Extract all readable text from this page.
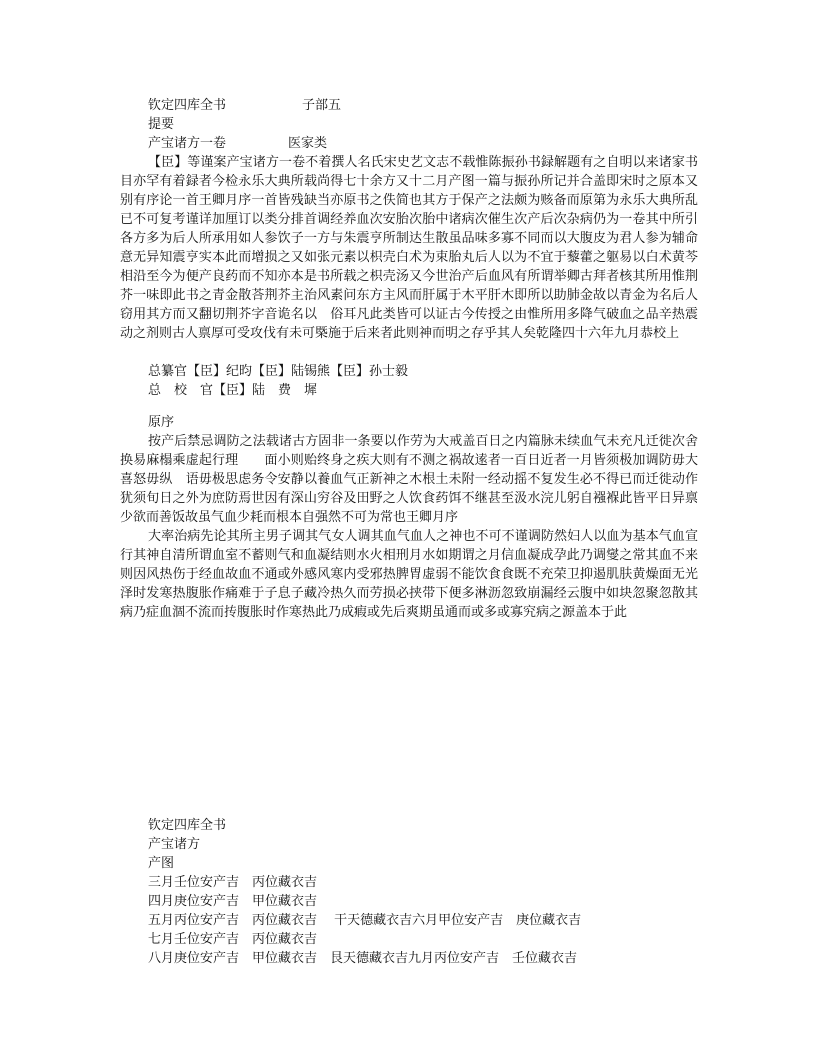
钦定四库全书	子部五
提要
产宝诸方一卷	医家类
【臣】等谨案产宝诸方一卷不着撰人名氏宋史艺文志不载惟陈振孙书録解题有之自明以来诸家书目亦罕有着録者今检永乐大典所载尚得七十余方又十二月产图一篇与振孙所记并合盖即宋时之原本又别有序论一首王卿月序一首皆残缺当亦原书之佚简也其方于保产之法颇为赅备而原第为永乐大典所乱已不可复考谨详加厘订以类分排首调经养血次安胎次胎中诸病次催生次产后次杂病仍为一卷其中所引各方多为后人所承用如人参饮子一方与朱震亨所制达生散虽品味多寡不同而以大腹皮为君人参为辅命意无异知震亨实本此而增损之又如张元素以枳壳白术为束胎丸后人以为不宜于藜藿之躯易以白术黄芩相沿至今为便产良药而不知亦本是书所载之枳壳汤又今世治产后血风有所谓举卿古拜者核其所用惟荆芥一味即此书之青金散荅荆芥主治风素问东方主风而肝属于木平肝木即所以助肺金故以青金为名后人窃用其方而又翻切荆芥字音诡名以　俗耳凡此类皆可以证古今传授之由惟所用多降气破血之品辛热震动之剂则古人禀厚可受攻伐有未可槩施于后来者此则神而明之存乎其人矣乾隆四十六年九月恭校上
总纂官【臣】纪昀【臣】陆锡熊【臣】孙士毅
总　校　官【臣】陆　费　墀
原序
按产后禁忌调防之法载诸古方固非一条要以作劳为大戒盖百日之内篇脉未续血气未充凡迁徙次舍换易麻榻乘虚起行理　　面小则贻终身之疾大则有不测之祸故逺者一百日近者一月皆须极加调防毋大喜怒毋纵　语毋极思虑务令安静以養血气正新神之木根土未附一经动摇不复发生必不得已而迁徙动作犹须旬日之外为庶防焉世因有深山穷谷及田野之人饮食药饵不继甚至汲水浣儿躬自襁褓此皆平日异禀少欲而善饭故虽气血少耗而根本自强然不可为常也王卿月序
大率治病先论其所主男子调其气女人调其血气血人之神也不可不谨调防然妇人以血为基本气血宣行其神自清所谓血室不蓄则气和血凝结则水火相刑月水如期谓之月信血凝成孕此乃调燮之常其血不来则因风热伤于经血故血不通或外感风寒内受邪热脾胃虚弱不能饮食食既不充荣卫抑遏肌肤黄燥面无光泽时发寒热腹胀作痛难于子息子藏冷热久而劳损必挟带下便多淋沥忽致崩漏经云腹中如块忽聚忽散其病乃症血涸不流而抟腹胀时作寒热此乃成瘕或先后爽期虽通而或多或寡究病之源盖本于此
钦定四库全书
产宝诸方
产图
三月壬位安产吉　丙位藏衣吉
四月庚位安产吉　甲位藏衣吉
五月丙位安产吉　丙位藏衣吉　 干天德藏衣吉六月甲位安产吉　庚位藏衣吉
七月壬位安产吉　丙位藏衣吉
八月庚位安产吉　甲位藏衣吉　艮天德藏衣吉九月丙位安产吉　壬位藏衣吉
